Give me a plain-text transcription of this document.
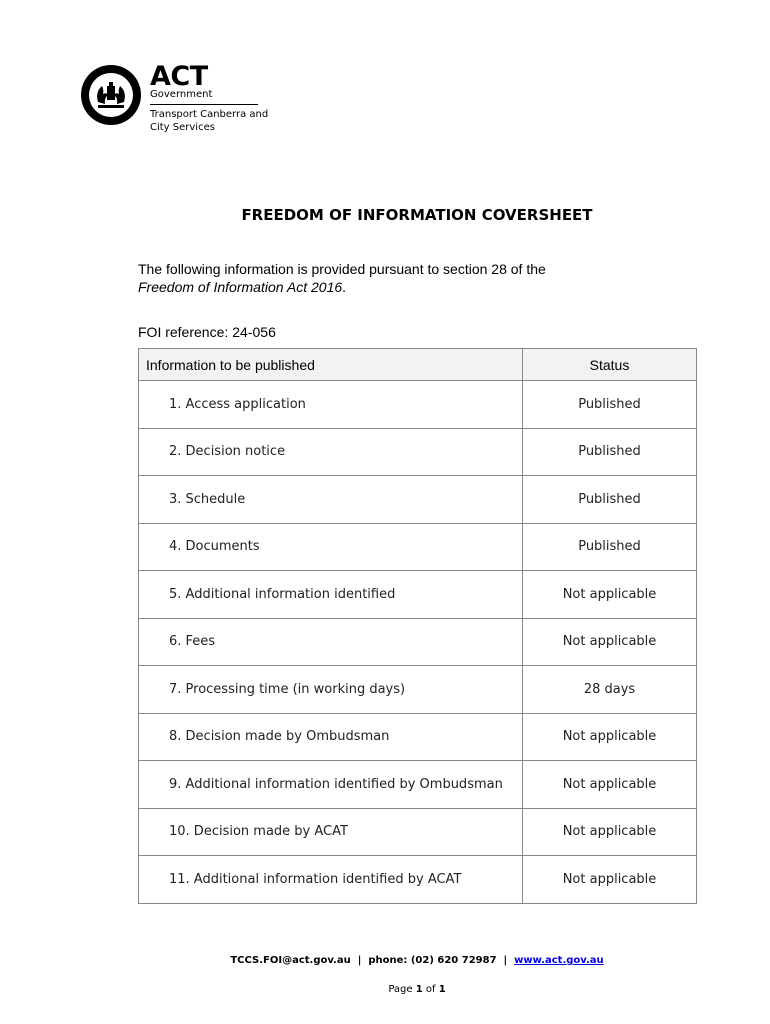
ACT
Government
Transport Canberra and
City Services
FREEDOM OF INFORMATION COVERSHEET
The following information is provided pursuant to section 28 of the
Freedom of Information Act 2016.
FOI reference: 24-056
Information to be published	Status
1. Access application	Published
2. Decision notice	Published
3. Schedule	Published
4. Documents	Published
5. Additional information identified	Not applicable
6. Fees	Not applicable
7. Processing time (in working days)	28 days
8. Decision made by Ombudsman	Not applicable
9. Additional information identified by Ombudsman	Not applicable
10. Decision made by ACAT	Not applicable
11. Additional information identified by ACAT	Not applicable
TCCS.FOI@act.gov.au | phone: (02) 620 72987 | www.act.gov.au
Page 1 of 1
